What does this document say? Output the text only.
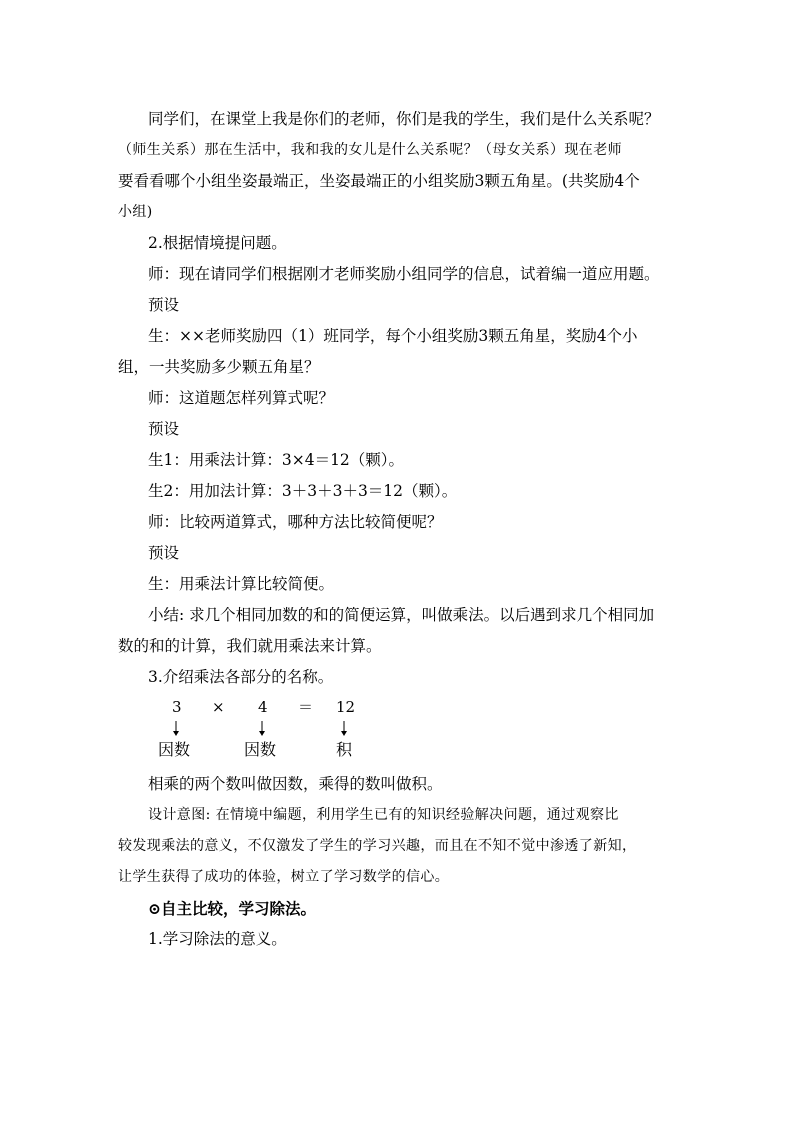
同学们，在课堂上我是你们的老师，你们是我的学生，我们是什么关系呢？
（师生关系）那在生活中，我和我的女儿是什么关系呢？（母女关系）现在老师
要看看哪个小组坐姿最端正，坐姿最端正的小组奖励3颗五角星。(共奖励4个
小组)
2.根据情境提问题。
师：现在请同学们根据刚才老师奖励小组同学的信息，试着编一道应用题。
预设
生：××老师奖励四（1）班同学，每个小组奖励3颗五角星，奖励4个小
组，一共奖励多少颗五角星？
师：这道题怎样列算式呢？
预设
生1：用乘法计算：3×4＝12（颗）。
生2：用加法计算：3＋3＋3＋3＝12（颗）。
师：比较两道算式，哪种方法比较简便呢？
预设
生：用乘法计算比较简便。
小结: 求几个相同加数的和的简便运算，叫做乘法。以后遇到求几个相同加
数的和的计算，我们就用乘法来计算。
3.介绍乘法各部分的名称。
3 × 4 ＝ 12
因数	因数	积
相乘的两个数叫做因数，乘得的数叫做积。
设计意图: 在情境中编题，利用学生已有的知识经验解决问题，通过观察比
较发现乘法的意义，不仅激发了学生的学习兴趣，而且在不知不觉中渗透了新知，
让学生获得了成功的体验，树立了学习数学的信心。
⊙自主比较，学习除法。
1.学习除法的意义。
